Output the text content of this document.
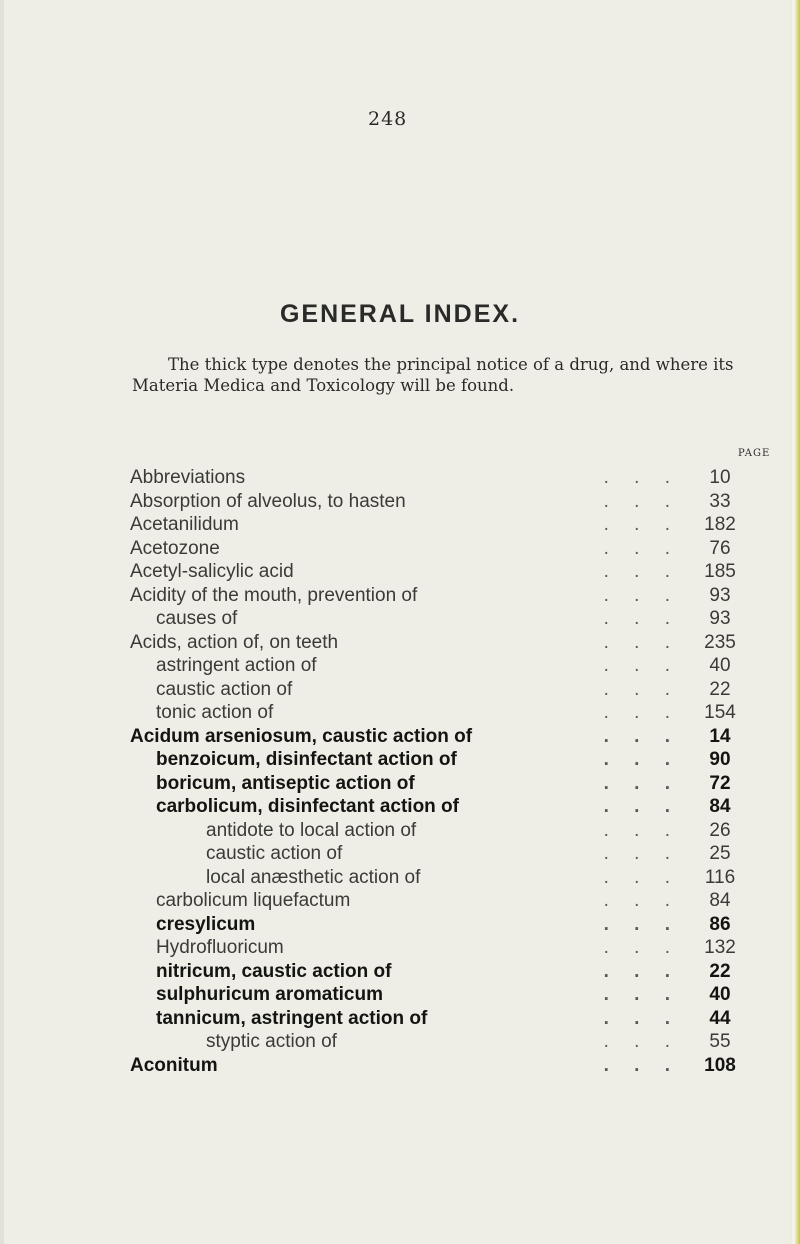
248
GENERAL INDEX.
The thick type denotes the principal notice of a drug, and where its Materia Medica and Toxicology will be found.
PAGE
Abbreviations	. . .	10
Absorption of alveolus, to hasten	. . .	33
Acetanilidum	. . .	182
Acetozone	. . .	76
Acetyl-salicylic acid	. . .	185
Acidity of the mouth, prevention of	. . .	93
causes of	. . .	93
Acids, action of, on teeth	. . .	235
astringent action of	. . .	40
caustic action of	. . .	22
tonic action of	. . .	154
Acidum arseniosum, caustic action of	. . .	14
benzoicum, disinfectant action of	. . .	90
boricum, antiseptic action of	. . .	72
carbolicum, disinfectant action of	. . .	84
antidote to local action of	. . .	26
caustic action of	. . .	25
local anæsthetic action of	. . .	116
carbolicum liquefactum	. . .	84
cresylicum	. . .	86
Hydrofluoricum	. . .	132
nitricum, caustic action of	. . .	22
sulphuricum aromaticum	. . .	40
tannicum, astringent action of	. . .	44
styptic action of	. . .	55
Aconitum	. . .	108
